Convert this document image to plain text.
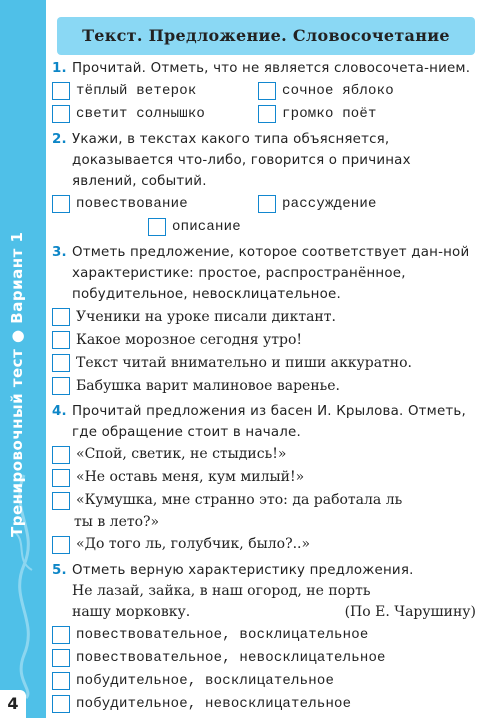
Тренировочный тест ● Вариант 1
4
Текст. Предложение. Словосочетание
1. Прочитай. Отметь, что не является словосочета-нием.
тёплый ветерок	сочное яблоко
светит солнышко	громко поёт
2. Укажи, в текстах какого типа объясняется, доказывается что-либо, говорится о причинах явлений, событий.
повествование	рассуждение
описание
3. Отметь предложение, которое соответствует дан-ной характеристике: простое, распространённое, побудительное, невосклицательное.
Ученики на уроке писали диктант.
Какое морозное сегодня утро!
Текст читай внимательно и пиши аккуратно.
Бабушка варит малиновое варенье.
4. Прочитай предложения из басен И. Крылова. Отметь, где обращение стоит в начале.
«Спой, светик, не стыдись!»
«Не оставь меня, кум милый!»
«Кумушка, мне странно это: да работала ль
ты в лето?»
«До того ль, голубчик, было?..»
5. Отметь верную характеристику предложения.
Не лазай, зайка, в наш огород, не порть
нашу морковку.	(По Е. Чарушину)
повествовательное, восклицательное
повествовательное, невосклицательное
побудительное, восклицательное
побудительное, невосклицательное
